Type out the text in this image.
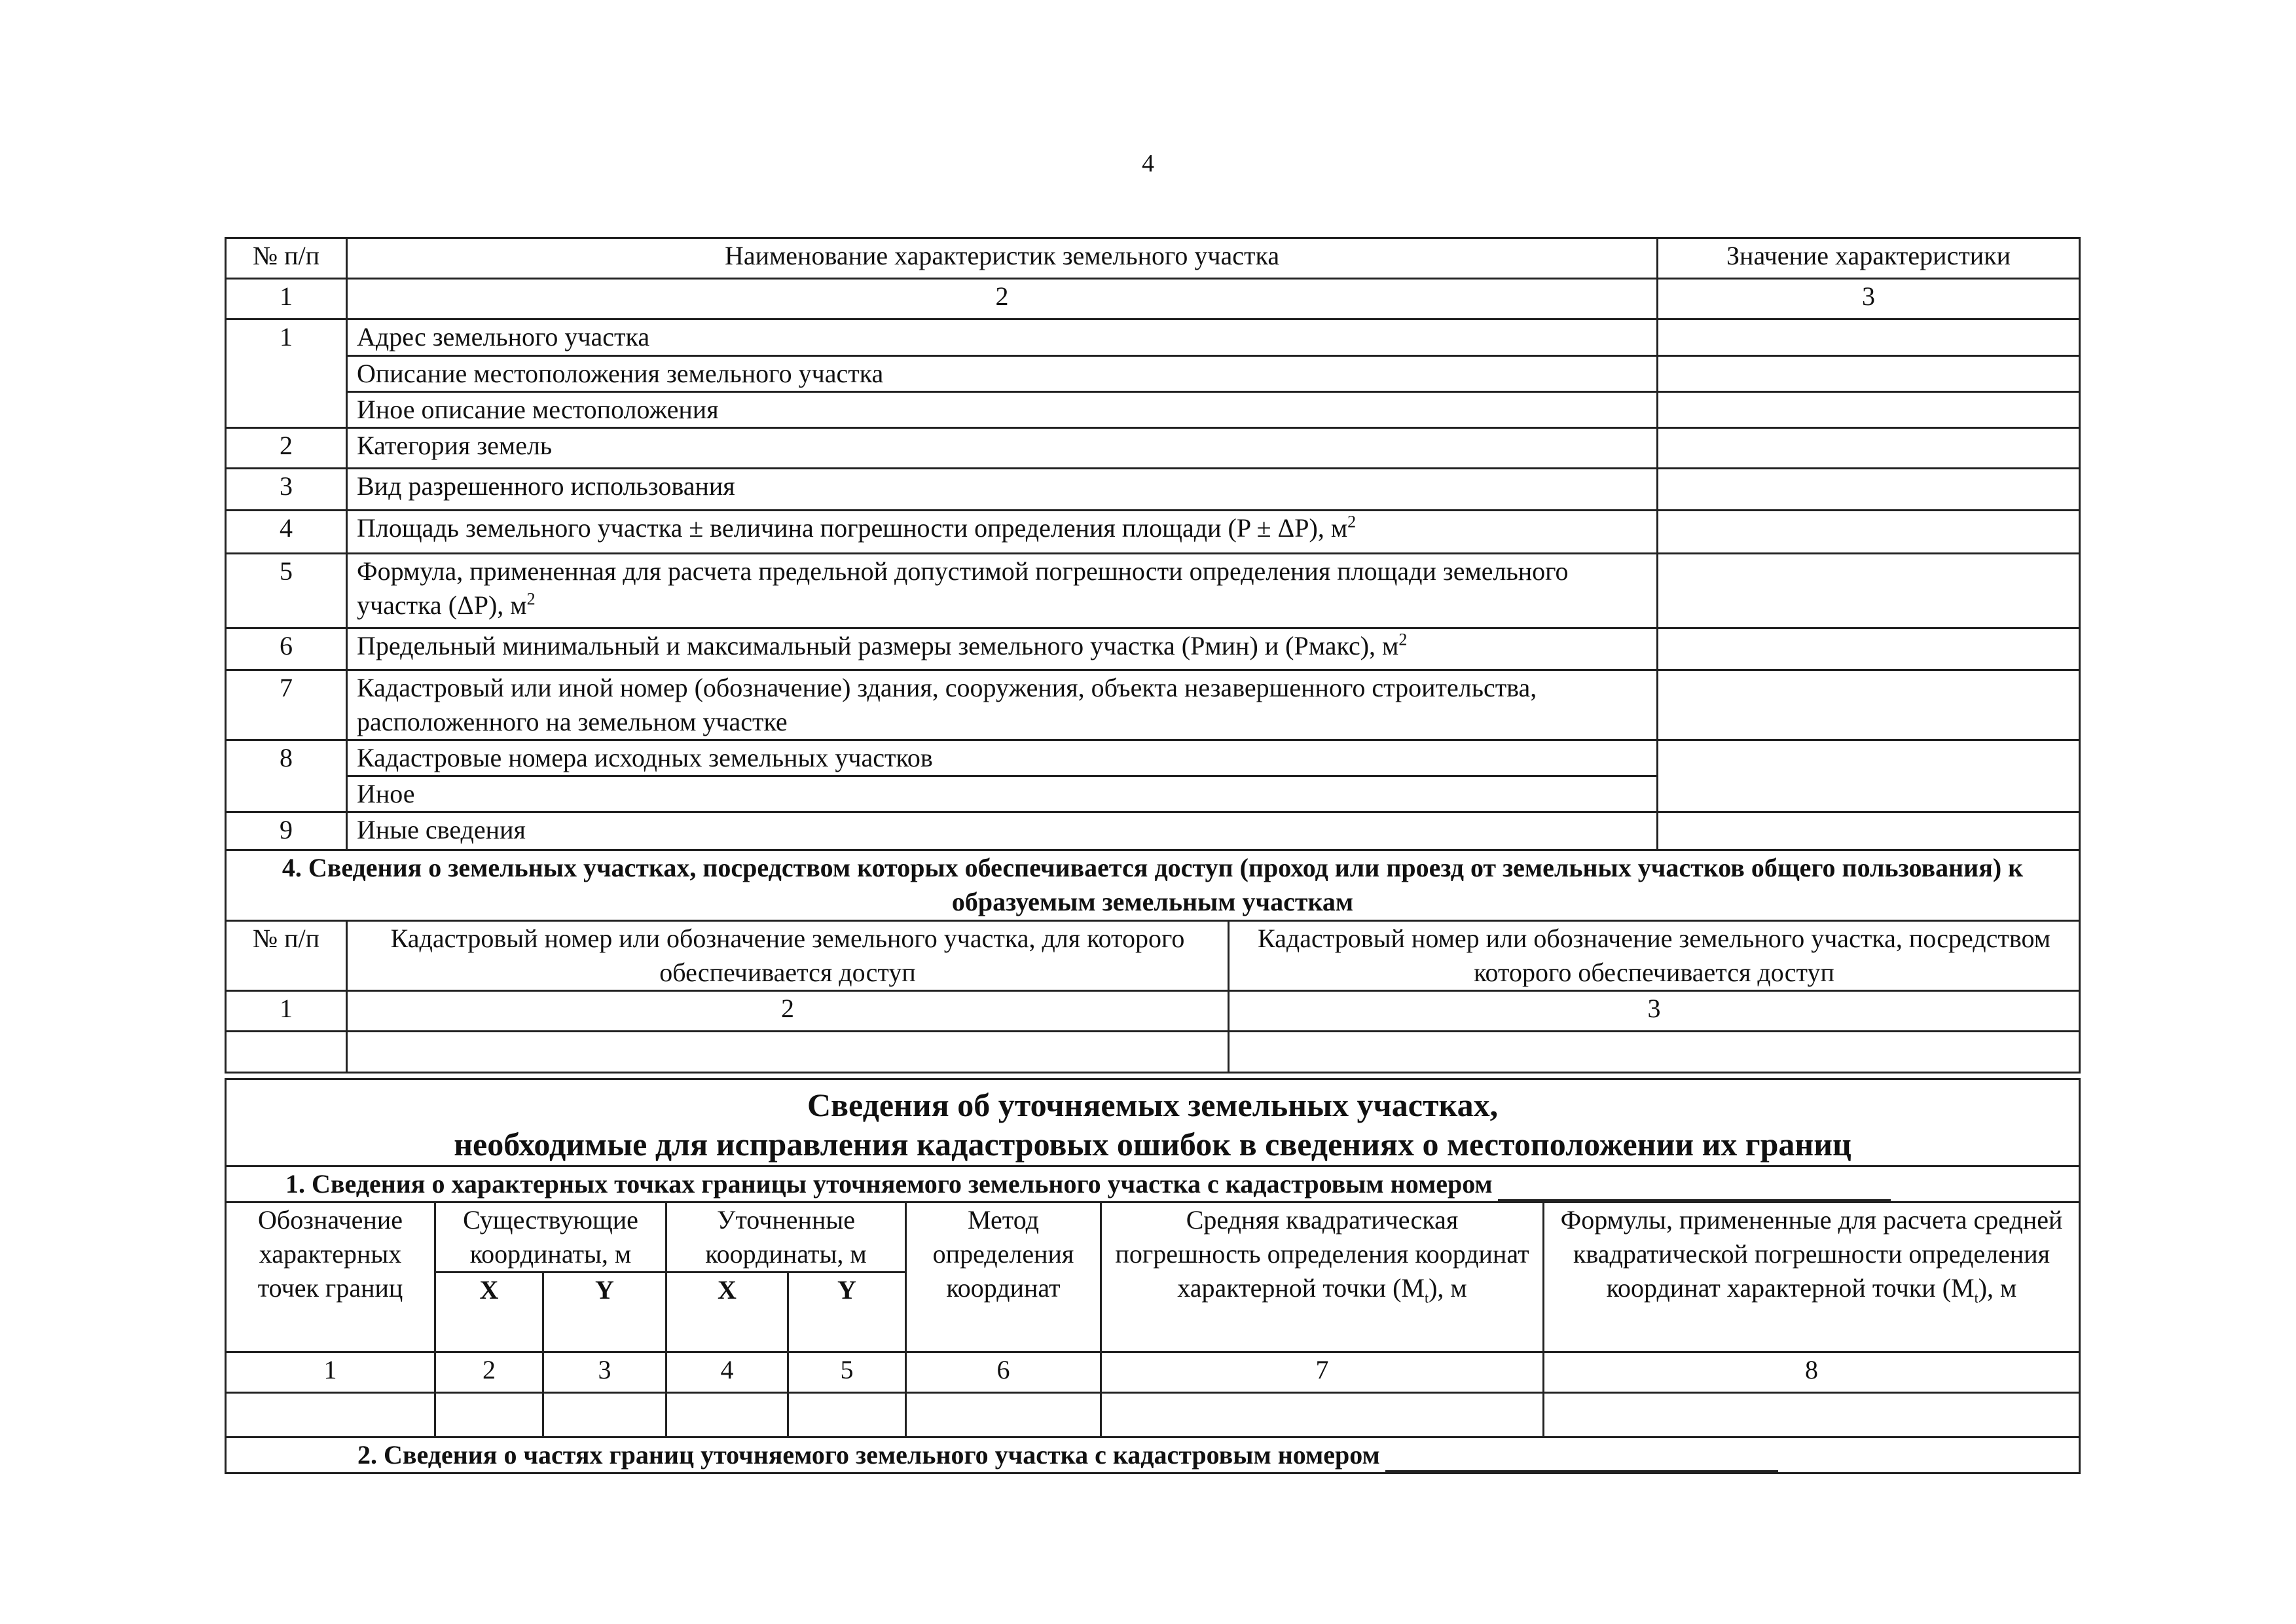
4
№ п/п	Наименование характеристик земельного участка		Значение характеристики
1	2		3
1	Адрес земельного участка		
	Описание местоположения земельного участка		
	Иное описание местоположения		
2	Категория земель		
3	Вид разрешенного использования		
4	Площадь земельного участка ± величина погрешности определения площади (P ± ΔP), $м^2$	
5	Формула, примененная для расчета предельной допустимой погрешности определения площади земельного участка (ΔP), $м^2$	
6	Предельный минимальный и максимальный размеры земельного участка (Рмин) и (Рмакс), $м^2$	
7	Кадастровый или иной номер (обозначение) здания, сооружения, объекта незавершенного строительства, расположенного на земельном участке		
8	Кадастровые номера исходных земельных участков		
	Иное		
9	Иные сведения		
4. Сведения о земельных участках, посредством которых обеспечивается доступ (проход или проезд от земельных участков общего пользования) к образуемым земельным участкам			
№ п/п	Кадастровый номер или обозначение земельного участка, для которого обеспечивается доступ	Кадастровый номер или обозначение земельного участка, посредством которого обеспечивается доступ	
1	2	3	

Сведения об уточняемых земельных участках,
необходимые для исправления кадастровых ошибок в сведениях о местоположении их границ							

1. Сведения о характерных точках границы уточняемого земельного участка с кадастровым номером							
Обозначение характерных точек границ	Существующие координаты, м		Уточненные координаты, м		Метод определения координат	Средняя квадратическая погрешность определения координат характерной точки $(M_t)$, м	Формулы, примененные для расчета средней квадратической погрешности определения координат характерной точки $(M_t)$, м
	X	Y	X	Y			
1	2	3	4	5	6	7	8

2. Сведения о частях границ уточняемого земельного участка с кадастровым номером							
